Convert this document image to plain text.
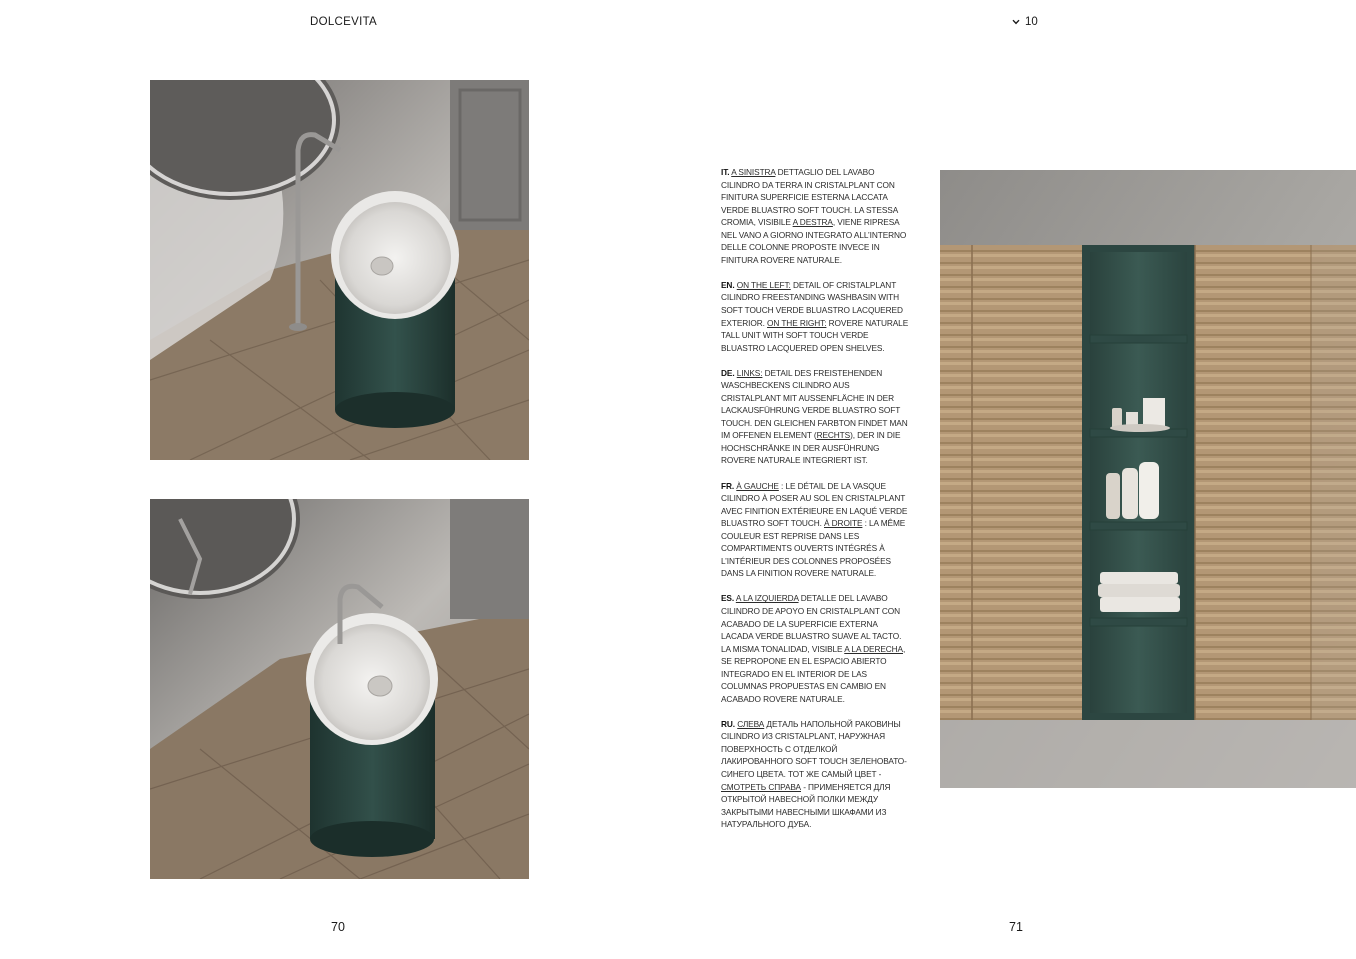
DOLCEVITA	10

IT. A SINISTRA DETTAGLIO DEL LAVABO CILINDRO DA TERRA IN CRISTALPLANT CON FINITURA SUPERFICIE ESTERNA LACCATA VERDE BLUASTRO SOFT TOUCH. LA STESSA CROMIA, VISIBILE A DESTRA, VIENE RIPRESA NEL VANO A GIORNO INTEGRATO ALL’INTERNO DELLE COLONNE PROPOSTE INVECE IN FINITURA ROVERE NATURALE.

EN. ON THE LEFT: DETAIL OF CRISTALPLANT CILINDRO FREESTANDING WASHBASIN WITH SOFT TOUCH VERDE BLUASTRO LACQUERED EXTERIOR. ON THE RIGHT: ROVERE NATURALE TALL UNIT WITH SOFT TOUCH VERDE BLUASTRO LACQUERED OPEN SHELVES.

DE. LINKS: DETAIL DES FREISTEHENDEN WASCHBECKENS CILINDRO AUS CRISTALPLANT MIT AUSSENFLÄCHE IN DER LACKAUSFÜHRUNG VERDE BLUASTRO SOFT TOUCH. DEN GLEICHEN FARBTON FINDET MAN IM OFFENEN ELEMENT (RECHTS), DER IN DIE HOCHSCHRÄNKE IN DER AUSFÜHRUNG ROVERE NATURALE INTEGRIERT IST.

FR. À GAUCHE : LE DÉTAIL DE LA VASQUE CILINDRO À POSER AU SOL EN CRISTALPLANT AVEC FINITION EXTÉRIEURE EN LAQUÉ VERDE BLUASTRO SOFT TOUCH. À DROITE : LA MÊME COULEUR EST REPRISE DANS LES COMPARTIMENTS OUVERTS INTÉGRÉS À L’INTÉRIEUR DES COLONNES PROPOSÉES DANS LA FINITION ROVERE NATURALE.

ES. A LA IZQUIERDA DETALLE DEL LAVABO CILINDRO DE APOYO EN CRISTALPLANT CON ACABADO DE LA SUPERFICIE EXTERNA LACADA VERDE BLUASTRO SUAVE AL TACTO. LA MISMA TONALIDAD, VISIBLE A LA DERECHA, SE REPROPONE EN EL ESPACIO ABIERTO INTEGRADO EN EL INTERIOR DE LAS COLUMNAS PROPUESTAS EN CAMBIO EN ACABADO ROVERE NATURALE.

RU. СЛЕВА ДЕТАЛЬ НАПОЛЬНОЙ РАКОВИНЫ CILINDRO ИЗ CRISTALPLANT, НАРУЖНАЯ ПОВЕРХНОСТЬ С ОТДЕЛКОЙ ЛАКИРОВАННОГО SOFT TOUCH ЗЕЛЕНОВАТО-СИНЕГО ЦВЕТА. ТОТ ЖЕ САМЫЙ ЦВЕТ - СМОТРЕТЬ СПРАВА - ПРИМЕНЯЕТСЯ ДЛЯ ОТКРЫТОЙ НАВЕСНОЙ ПОЛКИ МЕЖДУ ЗАКРЫТЫМИ НАВЕСНЫМИ ШКАФАМИ ИЗ НАТУРАЛЬНОГО ДУБА.

70	71
